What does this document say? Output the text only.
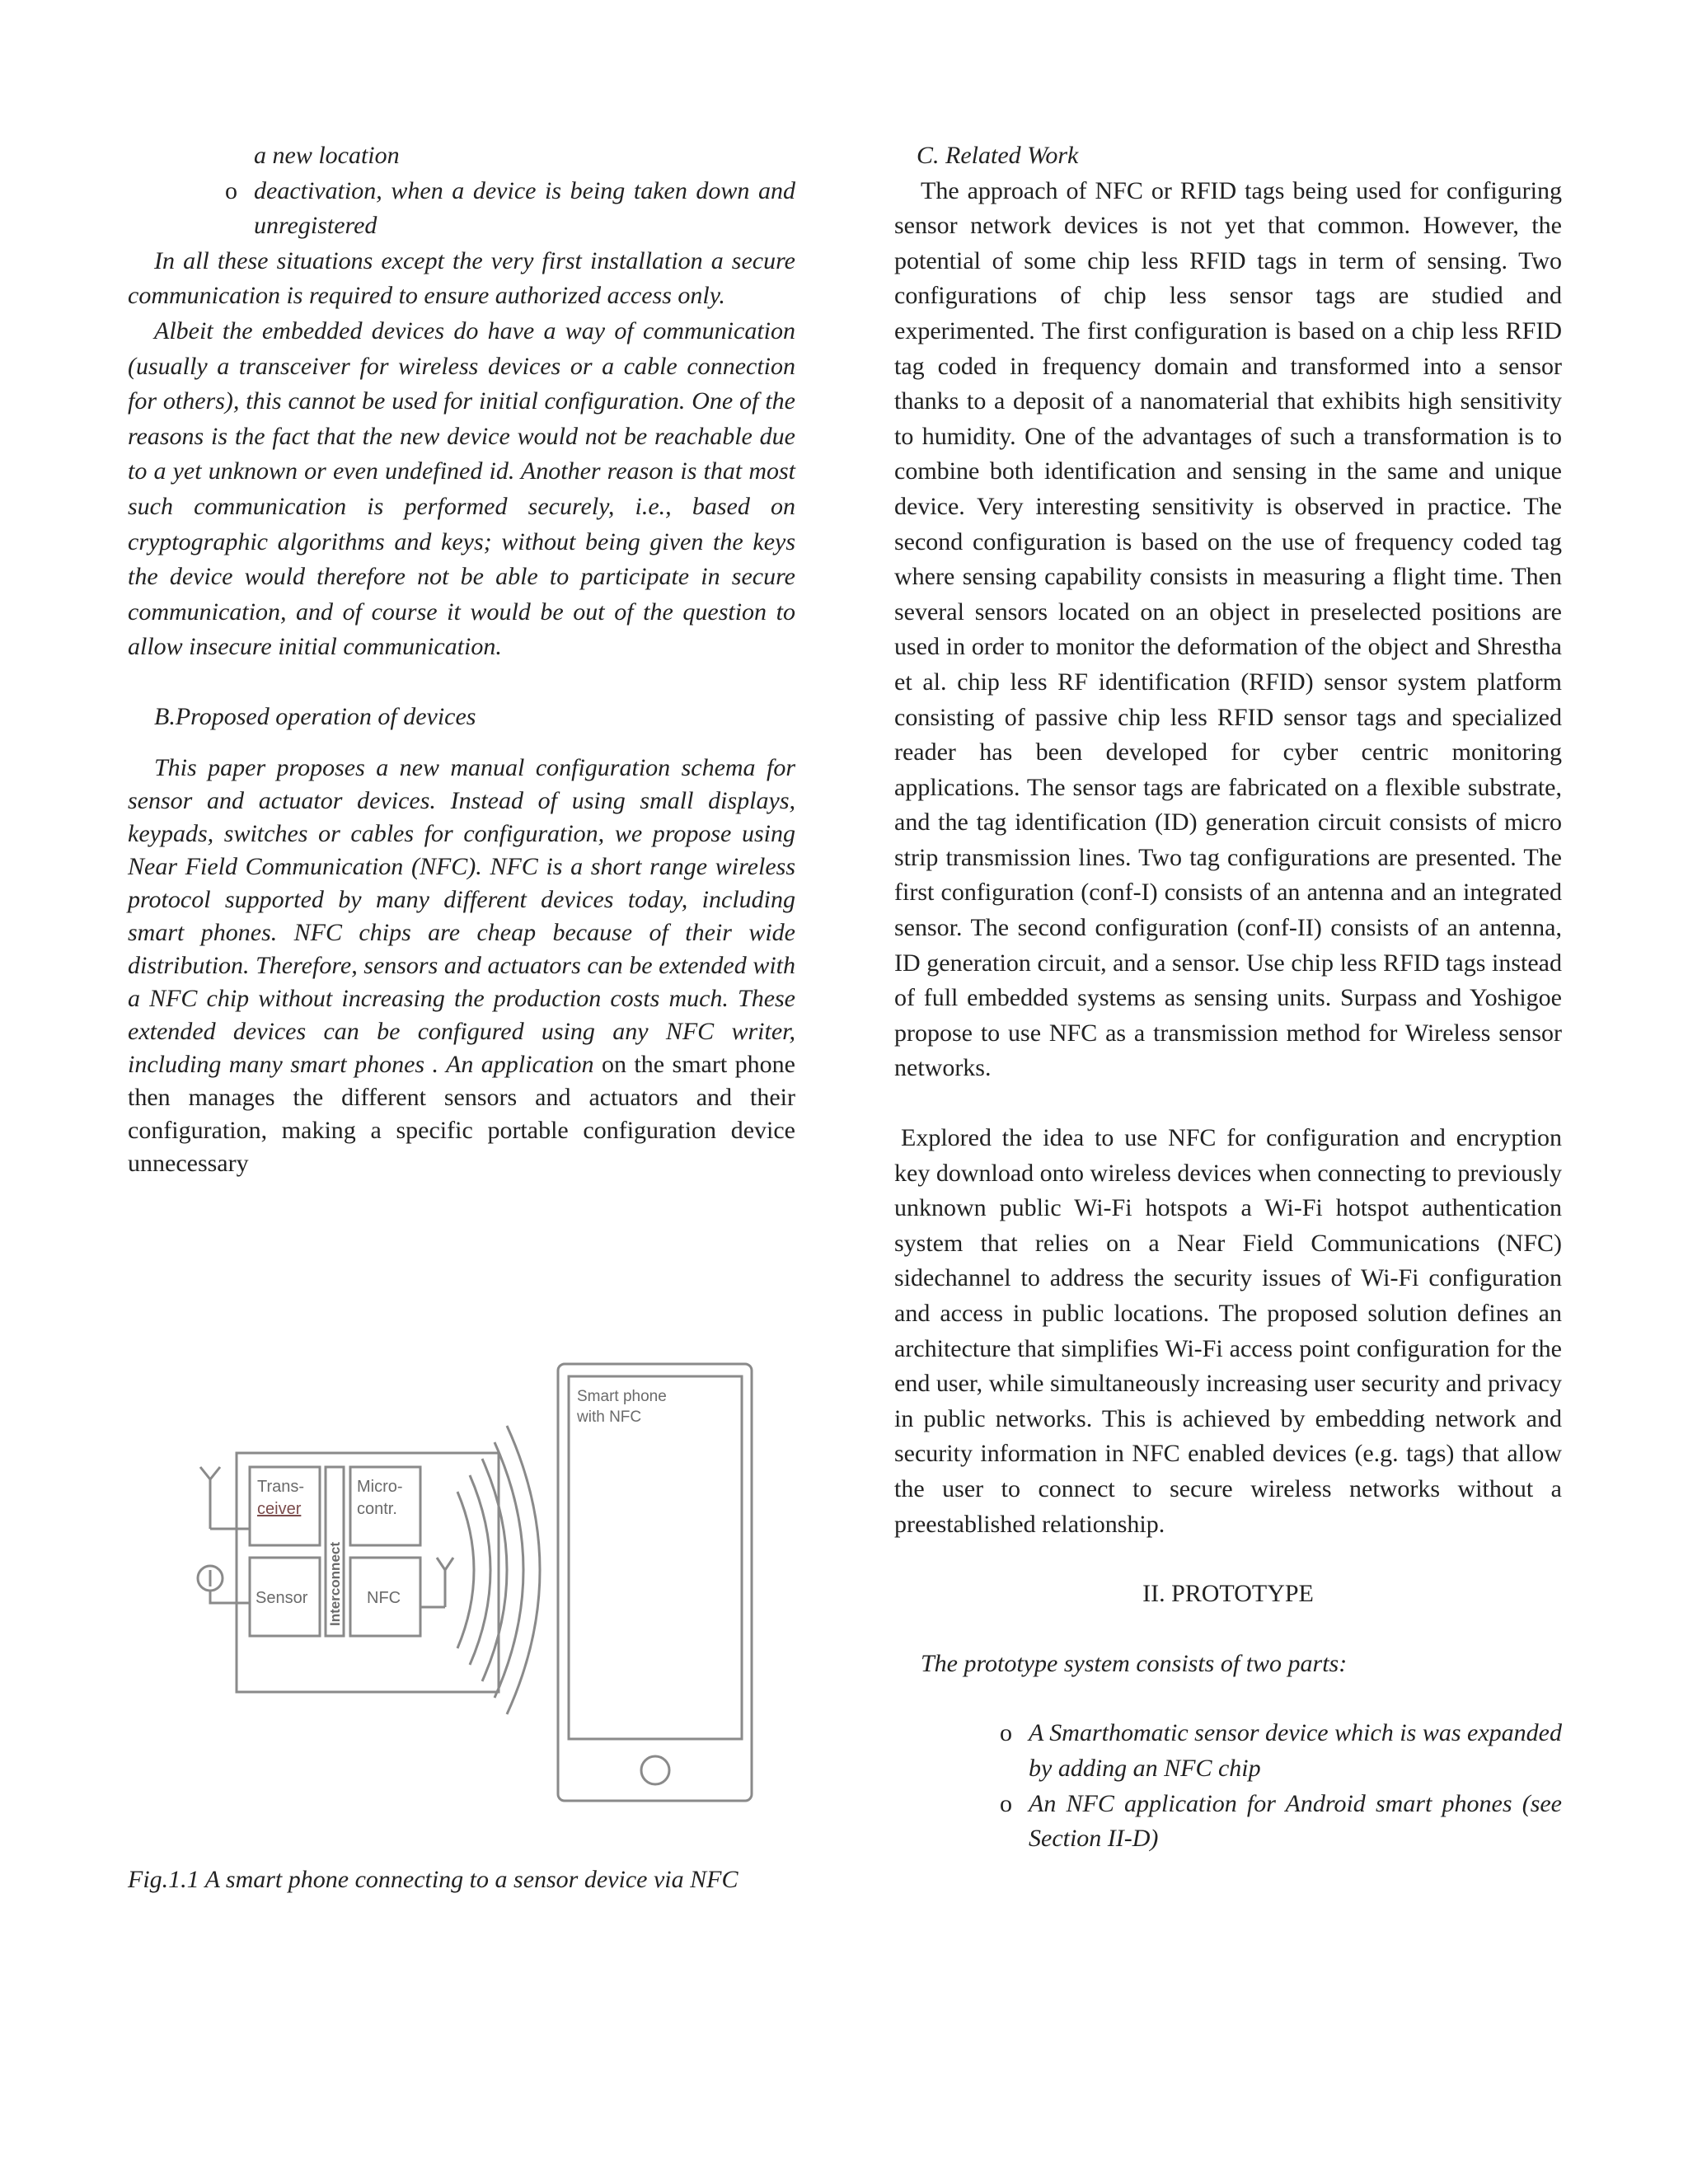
a new location

o deactivation, when a device is being taken down and unregistered

In all these situations except the very first installation a secure communication is required to ensure authorized access only.

Albeit the embedded devices do have a way of communication (usually a transceiver for wireless devices or a cable connection for others), this cannot be used for initial configuration. One of the reasons is the fact that the new device would not be reachable due to a yet unknown or even undefined id. Another reason is that most such communication is performed securely, i.e., based on cryptographic algorithms and keys; without being given the keys the device would therefore not be able to participate in secure communication, and of course it would be out of the question to allow insecure initial communication.

B.Proposed operation of devices

This paper proposes a new manual configuration schema for sensor and actuator devices. Instead of using small displays, keypads, switches or cables for configuration, we propose using Near Field Communication (NFC). NFC is a short range wireless protocol supported by many different devices today, including smart phones. NFC chips are cheap because of their wide distribution. Therefore, sensors and actuators can be extended with a NFC chip without increasing the production costs much. These extended devices can be configured using any NFC writer, including many smart phones . An application on the smart phone then manages the different sensors and actuators and their configuration, making a specific portable configuration device unnecessary

Trans-
ceiver
Micro-
contr.
Sensor	NFC
Smart phone
with NFC
Interconnect
Fig.1.1 A smart phone connecting to a sensor device via NFC

C. Related Work

The approach of NFC or RFID tags being used for configuring sensor network devices is not yet that common. However, the potential of some chip less RFID tags in term of sensing. Two configurations of chip less sensor tags are studied and experimented. The first configuration is based on a chip less RFID tag coded in frequency domain and transformed into a sensor thanks to a deposit of a nanomaterial that exhibits high sensitivity to humidity. One of the advantages of such a transformation is to combine both identification and sensing in the same and unique device. Very interesting sensitivity is observed in practice. The second configuration is based on the use of frequency coded tag where sensing capability consists in measuring a flight time. Then several sensors located on an object in preselected positions are used in order to monitor the deformation of the object and Shrestha et al. chip less RF identification (RFID) sensor system platform consisting of passive chip less RFID sensor tags and specialized reader has been developed for cyber centric monitoring applications. The sensor tags are fabricated on a flexible substrate, and the tag identification (ID) generation circuit consists of micro strip transmission lines. Two tag configurations are presented. The first configuration (conf-I) consists of an antenna and an integrated sensor. The second configuration (conf-II) consists of an antenna, ID generation circuit, and a sensor. Use chip less RFID tags instead of full embedded systems as sensing units. Surpass and Yoshigoe propose to use NFC as a transmission method for Wireless sensor networks.

Explored the idea to use NFC for configuration and encryption key download onto wireless devices when connecting to previously unknown public Wi-Fi hotspots a Wi-Fi hotspot authentication system that relies on a Near Field Communications (NFC) sidechannel to address the security issues of Wi-Fi configuration and access in public locations. The proposed solution defines an architecture that simplifies Wi-Fi access point configuration for the end user, while simultaneously increasing user security and privacy in public networks. This is achieved by embedding network and security information in NFC enabled devices (e.g. tags) that allow the user to connect to secure wireless networks without a preestablished relationship.

II. PROTOTYPE

The prototype system consists of two parts:

o A Smarthomatic sensor device which is was expanded by adding an NFC chip

o An NFC application for Android smart phones (see Section II-D)
